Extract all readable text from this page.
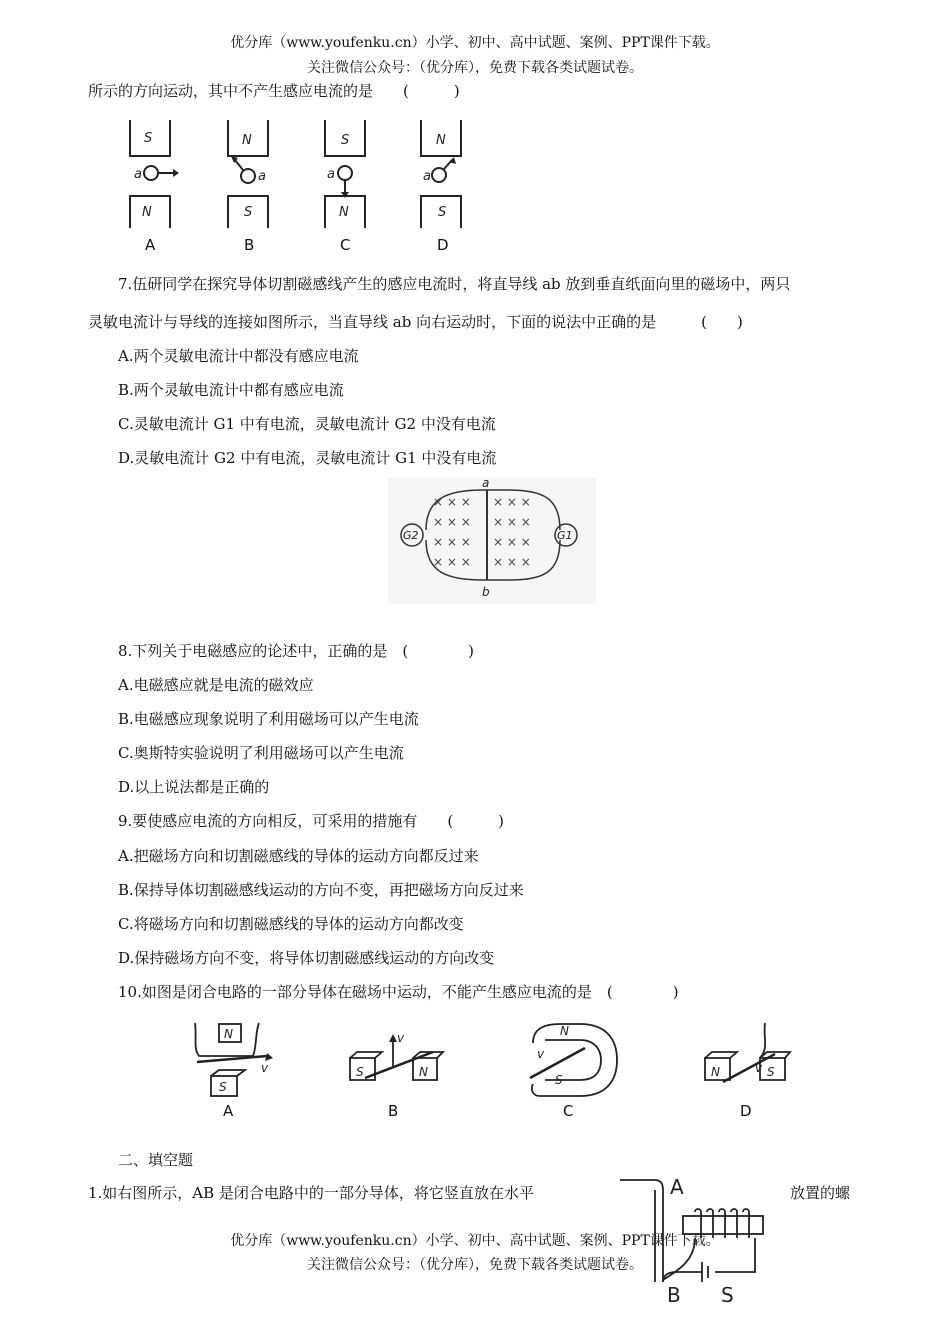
优分库（www.youfenku.cn）小学、初中、高中试题、案例、PPT课件下载。
关注微信公众号：（优分库），免费下载各类试题试卷。
所示的方向运动，其中不产生感应电流的是　　(　　　)
S
N
a
N
S
a
S
N
a
N
S
a
A	B	C	D
7.伍研同学在探究导体切割磁感线产生的感应电流时，将直导线 ab 放到垂直纸面向里的磁场中，两只
灵敏电流计与导线的连接如图所示，当直导线 ab 向右运动时，下面的说法中正确的是　　　(　　)
A.两个灵敏电流计中都没有感应电流
B.两个灵敏电流计中都有感应电流
C.灵敏电流计 G1 中有电流，灵敏电流计 G2 中没有电流
D.灵敏电流计 G2 中有电流，灵敏电流计 G1 中没有电流
× × × × × ×
× × × × × ×
× × × × × ×
× × × × × ×
a
b
G2	G1
8.下列关于电磁感应的论述中，正确的是　(　　　　)
A.电磁感应就是电流的磁效应
B.电磁感应现象说明了利用磁场可以产生电流
C.奥斯特实验说明了利用磁场可以产生电流
D.以上说法都是正确的
9.要使感应电流的方向相反，可采用的措施有　　(　　　)
A.把磁场方向和切割磁感线的导体的运动方向都反过来
B.保持导体切割磁感线运动的方向不变，再把磁场方向反过来
C.将磁场方向和切割磁感线的导体的运动方向都改变
D.保持磁场方向不变，将导体切割磁感线运动的方向改变
10.如图是闭合电路的一部分导体在磁场中运动，不能产生感应电流的是　(　　　　)
N
S
v	S	N
v	N
S
v
N	S
v
A	B	C	D
二、填空题
1.如右图所示，AB 是闭合电路中的一部分导体，将它竖直放在水平	放置的螺
优分库（www.youfenku.cn）小学、初中、高中试题、案例、PPT课件下载。
关注微信公众号：（优分库），免费下载各类试题试卷。
A
B S
